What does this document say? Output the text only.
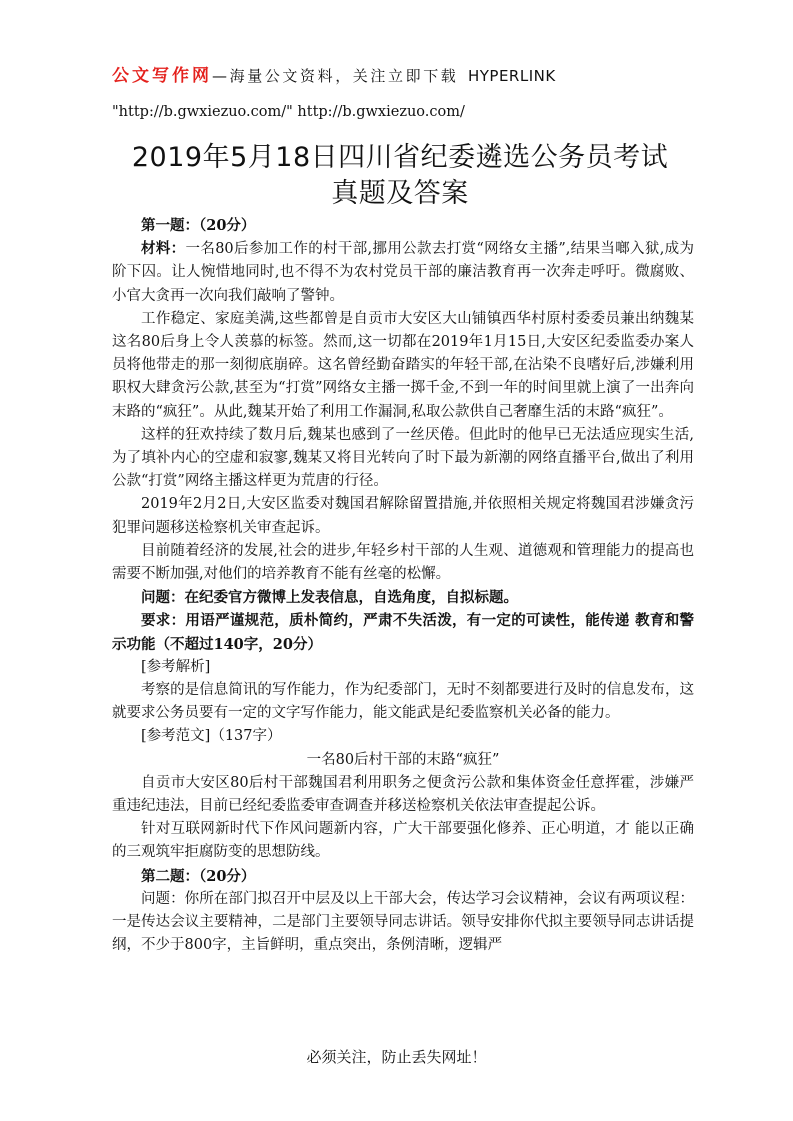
公文写作网—海量公文资料，关注立即下载 HYPERLINK
"http://b.gwxiezuo.com/" http://b.gwxiezuo.com/
2019年5月18日四川省纪委遴选公务员考试
真题及答案

第一题：（20分）

材料：一名80后参加工作的村干部,挪用公款去打赏“网络女主播”,结果当啷入狱,成为阶下囚。让人惋惜地同时,也不得不为农村党员干部的廉洁教育再一次奔走呼吁。微腐败、小官大贪再一次向我们敲响了警钟。

工作稳定、家庭美满,这些都曾是自贡市大安区大山铺镇西华村原村委委员兼出纳魏某这名80后身上令人羡慕的标签。然而,这一切都在2019年1月15日,大安区纪委监委办案人员将他带走的那一刻彻底崩碎。这名曾经勤奋踏实的年轻干部,在沾染不良嗜好后,涉嫌利用职权大肆贪污公款,甚至为“打赏”网络女主播一掷千金,不到一年的时间里就上演了一出奔向末路的“疯狂”。从此,魏某开始了利用工作漏洞,私取公款供自己奢靡生活的末路“疯狂”。

这样的狂欢持续了数月后,魏某也感到了一丝厌倦。但此时的他早已无法适应现实生活,为了填补内心的空虚和寂寥,魏某又将目光转向了时下最为新潮的网络直播平台,做出了利用公款“打赏”网络主播这样更为荒唐的行径。

2019年2月2日,大安区监委对魏国君解除留置措施,并依照相关规定将魏国君涉嫌贪污犯罪问题移送检察机关审查起诉。

目前随着经济的发展,社会的进步,年轻乡村干部的人生观、道德观和管理能力的提高也需要不断加强,对他们的培养教育不能有丝毫的松懈。

问题：在纪委官方微博上发表信息，自选角度，自拟标题。

要求：用语严谨规范，质朴简约，严肃不失活泼，有一定的可读性，能传递 教育和警示功能（不超过140字，20分）

[参考解析]

考察的是信息简讯的写作能力，作为纪委部门，无时不刻都要进行及时的信息发布，这就要求公务员要有一定的文字写作能力，能文能武是纪委监察机关必备的能力。

[参考范文]（137字）

一名80后村干部的末路“疯狂”

自贡市大安区80后村干部魏国君利用职务之便贪污公款和集体资金任意挥霍，涉嫌严重违纪违法，目前已经纪委监委审查调查并移送检察机关依法审查提起公诉。

针对互联网新时代下作风问题新内容，广大干部要强化修养、正心明道，才 能以正确的三观筑牢拒腐防变的思想防线。

第二题：（20分）

问题：你所在部门拟召开中层及以上干部大会，传达学习会议精神，会议有两项议程：一是传达会议主要精神，二是部门主要领导同志讲话。领导安排你代拟主要领导同志讲话提纲，不少于800字，主旨鲜明，重点突出，条例清晰，逻辑严

必须关注，防止丢失网址！
